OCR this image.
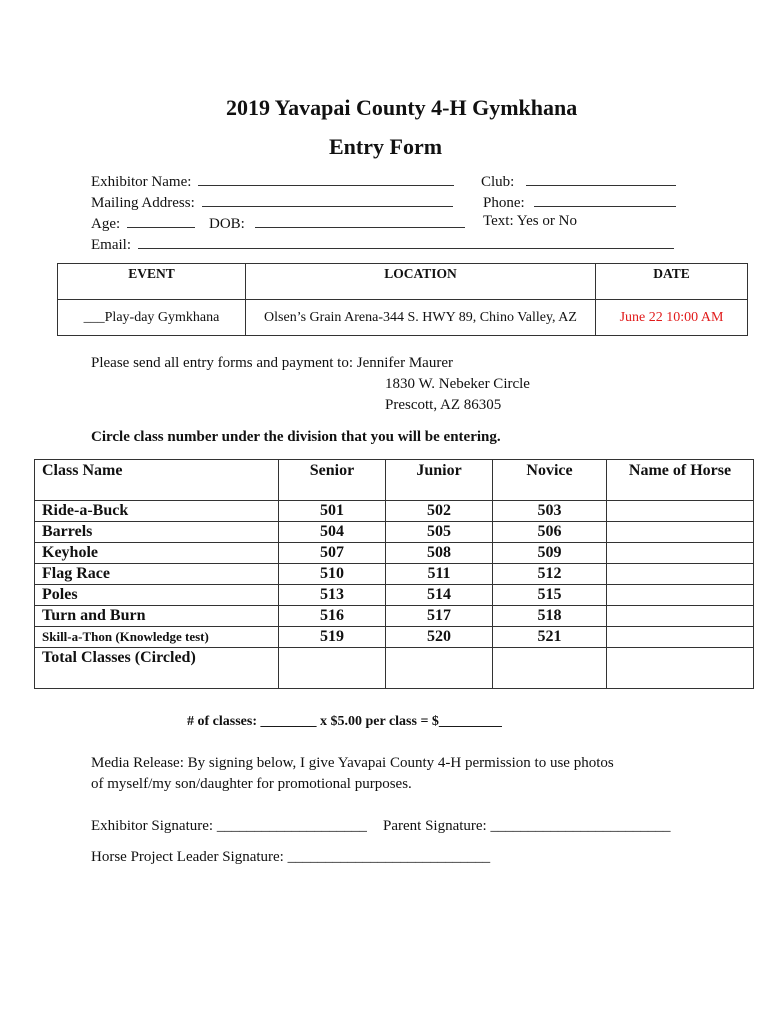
2019 Yavapai County 4-H Gymkhana
Entry Form
Exhibitor Name:
Mailing Address:
Age:	DOB:
Email:
Club:
Phone:
Text: Yes or No
EVENT	LOCATION	DATE
___Play-day Gymkhana	Olsen’s Grain Arena-344 S. HWY 89, Chino Valley, AZ	June 22 10:00 AM
Please send all entry forms and payment to: Jennifer Maurer
1830 W. Nebeker Circle
Prescott, AZ 86305
Circle class number under the division that you will be entering.
Class Name	Senior	Junior	Novice	Name of Horse
Ride-a-Buck	501	502	503	
Barrels	504	505	506	
Keyhole	507	508	509	
Flag Race	510	511	512	
Poles	513	514	515	
Turn and Burn	516	517	518	
Skill-a-Thon (Knowledge test)	519	520	521	
Total Classes (Circled)				
# of classes: ________ x $5.00 per class = $_________
Media Release: By signing below, I give Yavapai County 4-H permission to use photos
of myself/my son/daughter for promotional purposes.
Exhibitor Signature: ____________________ Parent Signature: ________________________
Horse Project Leader Signature: ___________________________
